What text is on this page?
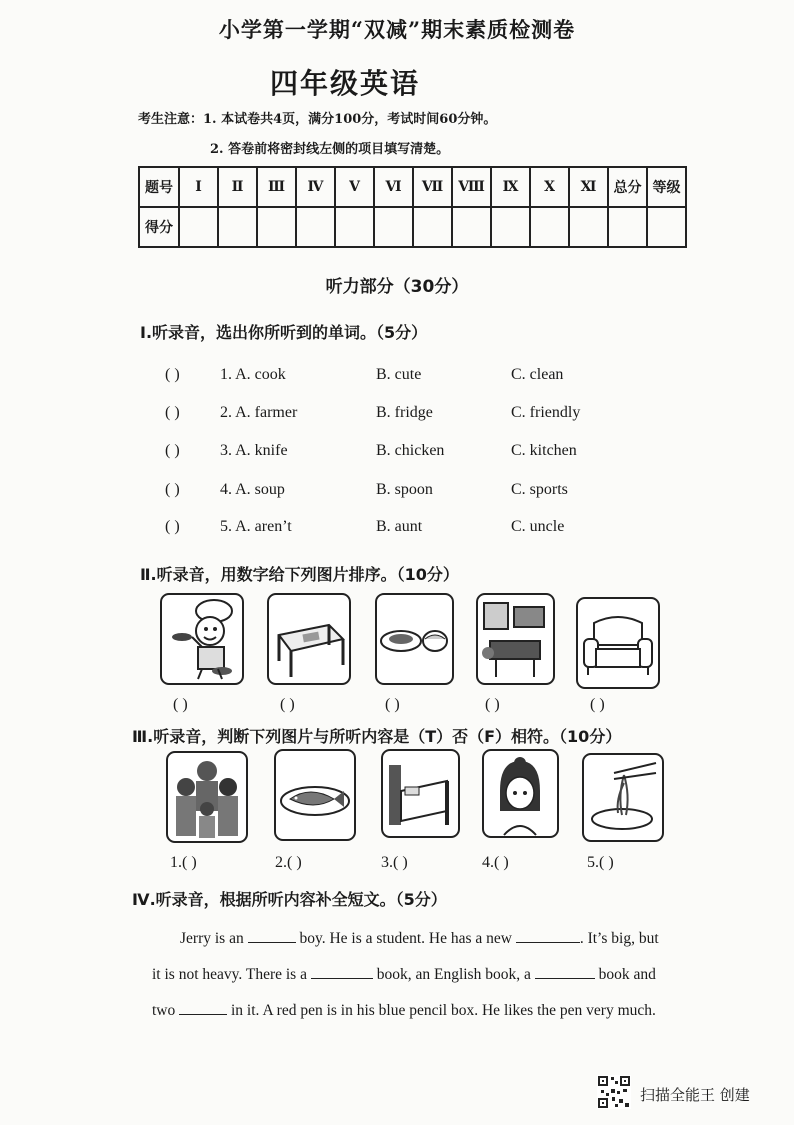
小学第一学期“双减”期末素质检测卷
四年级英语
考生注意：1. 本试卷共4页，满分100分，考试时间60分钟。
2. 答卷前将密封线左侧的项目填写清楚。
题号	Ⅰ	Ⅱ	Ⅲ	Ⅳ	Ⅴ	Ⅵ	Ⅶ	Ⅷ	Ⅸ	Ⅹ	Ⅺ	总分	等级
得分													
听力部分（30分）
Ⅰ.听录音，选出你所听到的单词。（5分）
( )	1. A. cook	B. cute	C. clean
( )	2. A. farmer	B. fridge	C. friendly
( )	3. A. knife	B. chicken	C. kitchen
( )	4. A. soup	B. spoon	C. sports
( )	5. A. aren’t	B. aunt	C. uncle
Ⅱ.听录音，用数字给下列图片排序。（10分）
( )	( )	( )	( )	( )
Ⅲ.听录音，判断下列图片与所听内容是（T）否（F）相符。（10分）
1.( )	2.( )	3.( )	4.( )	5.( )
Ⅳ.听录音，根据所听内容补全短文。（5分）
Jerry is an	boy. He is a student. He has a new	. It’s big, but
it is not heavy. There is a	book, an English book, a	book and
two	in it. A red pen is in his blue pencil box. He likes the pen very much.
扫描全能王 创建
